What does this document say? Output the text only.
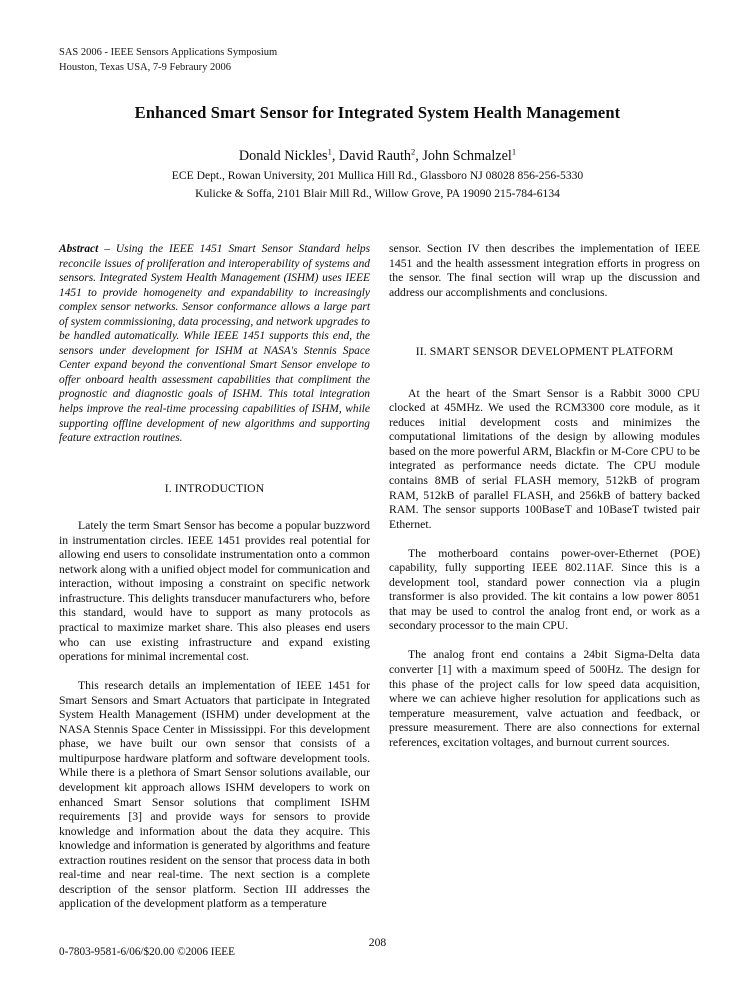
SAS 2006 - IEEE Sensors Applications Symposium
Houston, Texas USA, 7-9 Febraury 2006
Enhanced Smart Sensor for Integrated System Health Management
Donald Nickles$^1$, David Rauth$^2$, John Schmalzel$^1$
ECE Dept., Rowan University, 201 Mullica Hill Rd., Glassboro NJ 08028 856-256-5330
Kulicke & Soffa, 2101 Blair Mill Rd., Willow Grove, PA 19090 215-784-6134

Abstract – Using the IEEE 1451 Smart Sensor Standard helps reconcile issues of proliferation and interoperability of systems and sensors. Integrated System Health Management (ISHM) uses IEEE 1451 to provide homogeneity and expandability to increasingly complex sensor networks. Sensor conformance allows a large part of system commissioning, data processing, and network upgrades to be handled automatically. While IEEE 1451 supports this end, the sensors under development for ISHM at NASA's Stennis Space Center expand beyond the conventional Smart Sensor envelope to offer onboard health assessment capabilities that compliment the prognostic and diagnostic goals of ISHM. This total integration helps improve the real-time processing capabilities of ISHM, while supporting offline development of new algorithms and supporting feature extraction routines.

I. INTRODUCTION

Lately the term Smart Sensor has become a popular buzzword in instrumentation circles. IEEE 1451 provides real potential for allowing end users to consolidate instrumentation onto a common network along with a unified object model for communication and interaction, without imposing a constraint on specific network infrastructure. This delights transducer manufacturers who, before this standard, would have to support as many protocols as practical to maximize market share. This also pleases end users who can use existing infrastructure and expand existing operations for minimal incremental cost.

This research details an implementation of IEEE 1451 for Smart Sensors and Smart Actuators that participate in Integrated System Health Management (ISHM) under development at the NASA Stennis Space Center in Mississippi. For this development phase, we have built our own sensor that consists of a multipurpose hardware platform and software development tools. While there is a plethora of Smart Sensor solutions available, our development kit approach allows ISHM developers to work on enhanced Smart Sensor solutions that compliment ISHM requirements [3] and provide ways for sensors to provide knowledge and information about the data they acquire. This knowledge and information is generated by algorithms and feature extraction routines resident on the sensor that process data in both real-time and near real-time. The next section is a complete description of the sensor platform. Section III addresses the application of the development platform as a temperature

sensor. Section IV then describes the implementation of IEEE 1451 and the health assessment integration efforts in progress on the sensor. The final section will wrap up the discussion and address our accomplishments and conclusions.

II. SMART SENSOR DEVELOPMENT PLATFORM

At the heart of the Smart Sensor is a Rabbit 3000 CPU clocked at 45MHz. We used the RCM3300 core module, as it reduces initial development costs and minimizes the computational limitations of the design by allowing modules based on the more powerful ARM, Blackfin or M-Core CPU to be integrated as performance needs dictate. The CPU module contains 8MB of serial FLASH memory, 512kB of program RAM, 512kB of parallel FLASH, and 256kB of battery backed RAM. The sensor supports 100BaseT and 10BaseT twisted pair Ethernet.

The motherboard contains power-over-Ethernet (POE) capability, fully supporting IEEE 802.11AF. Since this is a development tool, standard power connection via a plugin transformer is also provided. The kit contains a low power 8051 that may be used to control the analog front end, or work as a secondary processor to the main CPU.

The analog front end contains a 24bit Sigma-Delta data converter [1] with a maximum speed of 500Hz. The design for this phase of the project calls for low speed data acquisition, where we can achieve higher resolution for applications such as temperature measurement, valve actuation and feedback, or pressure measurement. There are also connections for external references, excitation voltages, and burnout current sources.

0-7803-9581-6/06/$20.00 ©2006 IEEE
208
